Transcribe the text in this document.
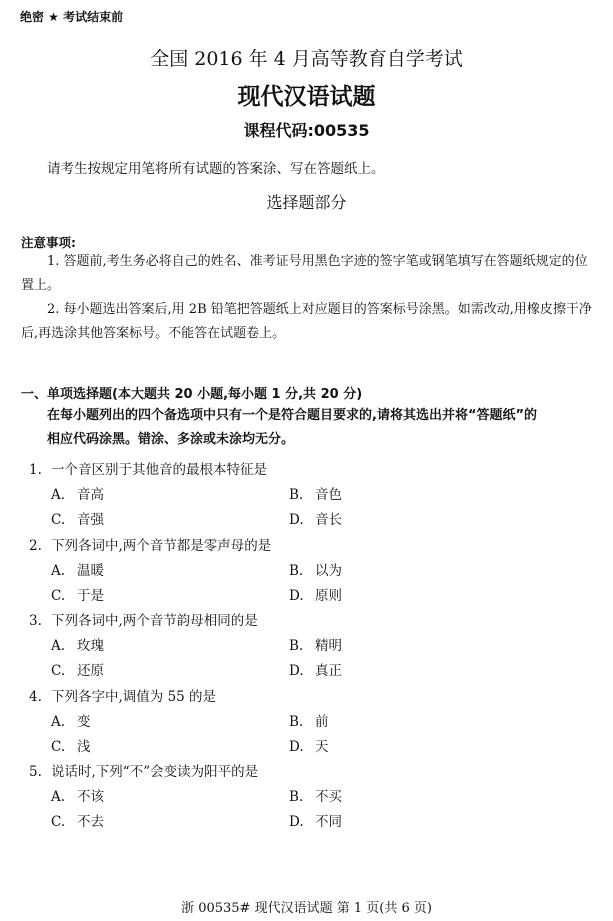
绝密 ★ 考试结束前
全国 2016 年 4 月高等教育自学考试
现代汉语试题
课程代码:00535
请考生按规定用笔将所有试题的答案涂、写在答题纸上。
选择题部分
注意事项:
1. 答题前,考生务必将自己的姓名、准考证号用黑色字迹的签字笔或钢笔填写在答题纸规定的位置上。
2. 每小题选出答案后,用 2B 铅笔把答题纸上对应题目的答案标号涂黑。如需改动,用橡皮擦干净后,再选涂其他答案标号。不能答在试题卷上。
一、单项选择题(本大题共 20 小题,每小题 1 分,共 20 分)
在每小题列出的四个备选项中只有一个是符合题目要求的,请将其选出并将“答题纸”的
相应代码涂黑。错涂、多涂或未涂均无分。
1. 一个音区别于其他音的最根本特征是
A. 音高	B. 音色
C. 音强	D. 音长
2. 下列各词中,两个音节都是零声母的是
A. 温暖	B. 以为
C. 于是	D. 原则
3. 下列各词中,两个音节韵母相同的是
A. 玫瑰	B. 精明
C. 还原	D. 真正
4. 下列各字中,调值为 55 的是
A. 变	B. 前
C. 浅	D. 天
5. 说话时,下列“不”会变读为阳平的是
A. 不该	B. 不买
C. 不去	D. 不同
浙 00535# 现代汉语试题 第 1 页(共 6 页)
